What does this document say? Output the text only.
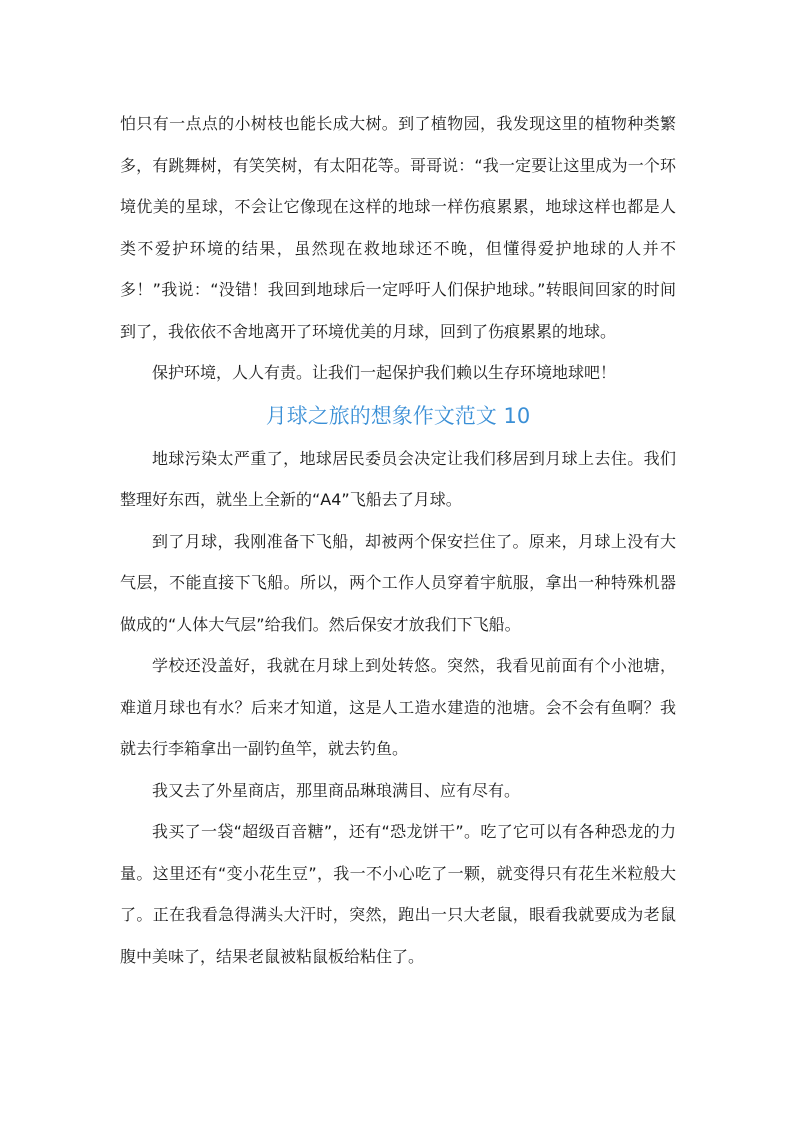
怕只有一点点的小树枝也能长成大树。到了植物园，我发现这里的植物种类繁多，有跳舞树，有笑笑树，有太阳花等。哥哥说：“我一定要让这里成为一个环境优美的星球，不会让它像现在这样的地球一样伤痕累累，地球这样也都是人类不爱护环境的结果，虽然现在救地球还不晚，但懂得爱护地球的人并不多！”我说：“没错！我回到地球后一定呼吁人们保护地球。”转眼间回家的时间到了，我依依不舍地离开了环境优美的月球，回到了伤痕累累的地球。

保护环境，人人有责。让我们一起保护我们赖以生存环境地球吧！

月球之旅的想象作文范文 10

地球污染太严重了，地球居民委员会决定让我们移居到月球上去住。我们整理好东西，就坐上全新的“A4”飞船去了月球。

到了月球，我刚准备下飞船，却被两个保安拦住了。原来，月球上没有大气层，不能直接下飞船。所以，两个工作人员穿着宇航服，拿出一种特殊机器做成的“人体大气层”给我们。然后保安才放我们下飞船。

学校还没盖好，我就在月球上到处转悠。突然，我看见前面有个小池塘，难道月球也有水？后来才知道，这是人工造水建造的池塘。会不会有鱼啊？我就去行李箱拿出一副钓鱼竿，就去钓鱼。

我又去了外星商店，那里商品琳琅满目、应有尽有。

我买了一袋“超级百音糖”，还有“恐龙饼干”。吃了它可以有各种恐龙的力量。这里还有“变小花生豆”，我一不小心吃了一颗，就变得只有花生米粒般大了。正在我看急得满头大汗时，突然，跑出一只大老鼠，眼看我就要成为老鼠腹中美味了，结果老鼠被粘鼠板给粘住了。
